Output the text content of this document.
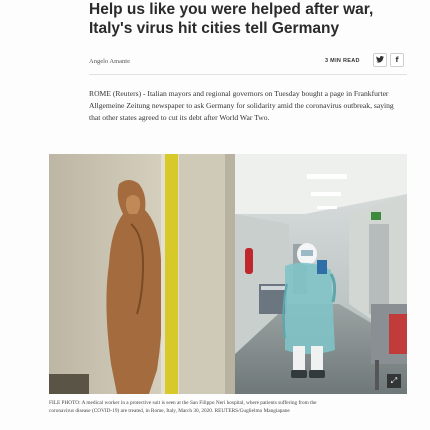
Help us like you were helped after war, Italy's virus hit cities tell Germany
Angelo Amante	3 MIN READ	f

ROME (Reuters) - Italian mayors and regional governors on Tuesday bought a page in Frankfurter Allgemeine Zeitung newspaper to ask Germany for solidarity amid the coronavirus outbreak, saying that other states agreed to cut its debt after World War Two.

⤢

FILE PHOTO: A medical worker in a protective suit is seen at the San Filippo Neri hospital, where patients suffering from the coronavirus disease (COVID-19) are treated, in Rome, Italy, March 30, 2020. REUTERS/Guglielmo Mangiapane
